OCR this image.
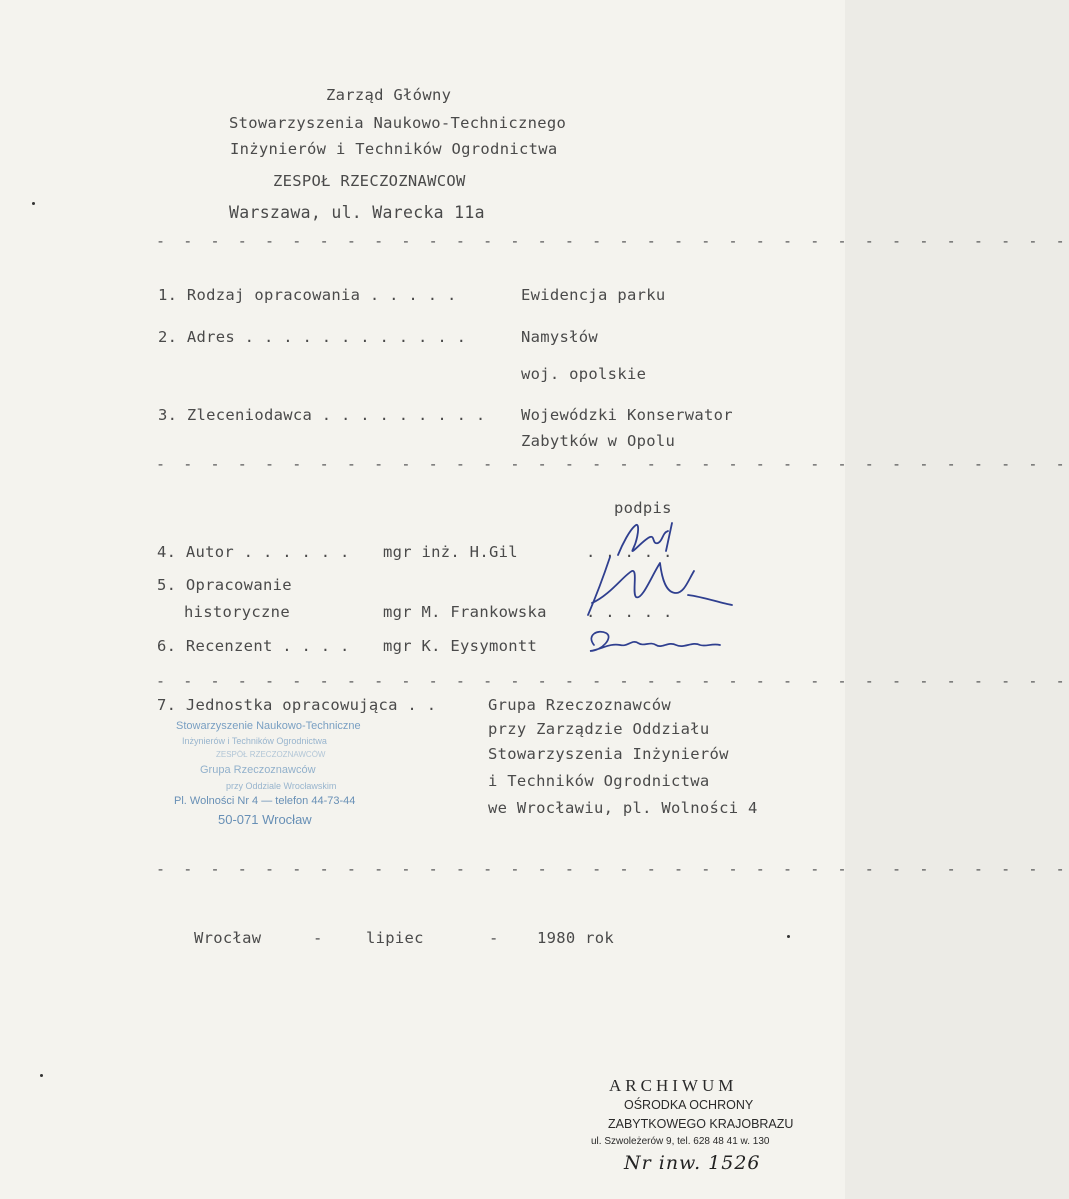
Zarząd Główny
Stowarzyszenia Naukowo-Technicznego
Inżynierów i Techników Ogrodnictwa
ZESPOŁ RZECZOZNAWCOW
Warszawa, ul. Warecka 11a
- - - - - - - - - - - - - - - - - - - - - - - - - - - - - - - - - -
1. Rodzaj opracowania . . . . .	Ewidencja parku
2. Adres . . . . . . . . . . . .	Namysłów
woj. opolskie
3. Zleceniodawca . . . . . . . . . Wojewódzki Konserwator
Zabytków w Opolu
- - - - - - - - - - - - - - - - - - - - - - - - - - - - - - - - - -
podpis
4. Autor . . . . . . mgr inż. H.Gil	. . . . .
5. Opracowanie
historyczne	mgr M. Frankowska	. . . . .
6. Recenzent . . . . mgr K. Eysymontt
- - - - - - - - - - - - - - - - - - - - - - - - - - - - - - - - - -
7. Jednostka opracowująca . .	Grupa Rzeczoznawców
przy Zarządzie Oddziału
Stowarzyszenia Inżynierów
i Techników Ogrodnictwa
we Wrocławiu, pl. Wolności 4
Stowarzyszenie Naukowo-Techniczne
Inżynierów i Techników Ogrodnictwa
ZESPÓŁ RZECZOZNAWCÓW
Grupa Rzeczoznawców
przy Oddziale Wrocławskim
Pl. Wolności Nr 4 — telefon 44-73-44
50-071 Wrocław
- - - - - - - - - - - - - - - - - - - - - - - - - - - - - - - - - -
Wrocław	-	lipiec	- 1980 rok
ARCHIWUM
OŚRODKA OCHRONY
ZABYTKOWEGO KRAJOBRAZU
ul. Szwoleżerów 9, tel. 628 48 41 w. 130
Nr inw. 1526
